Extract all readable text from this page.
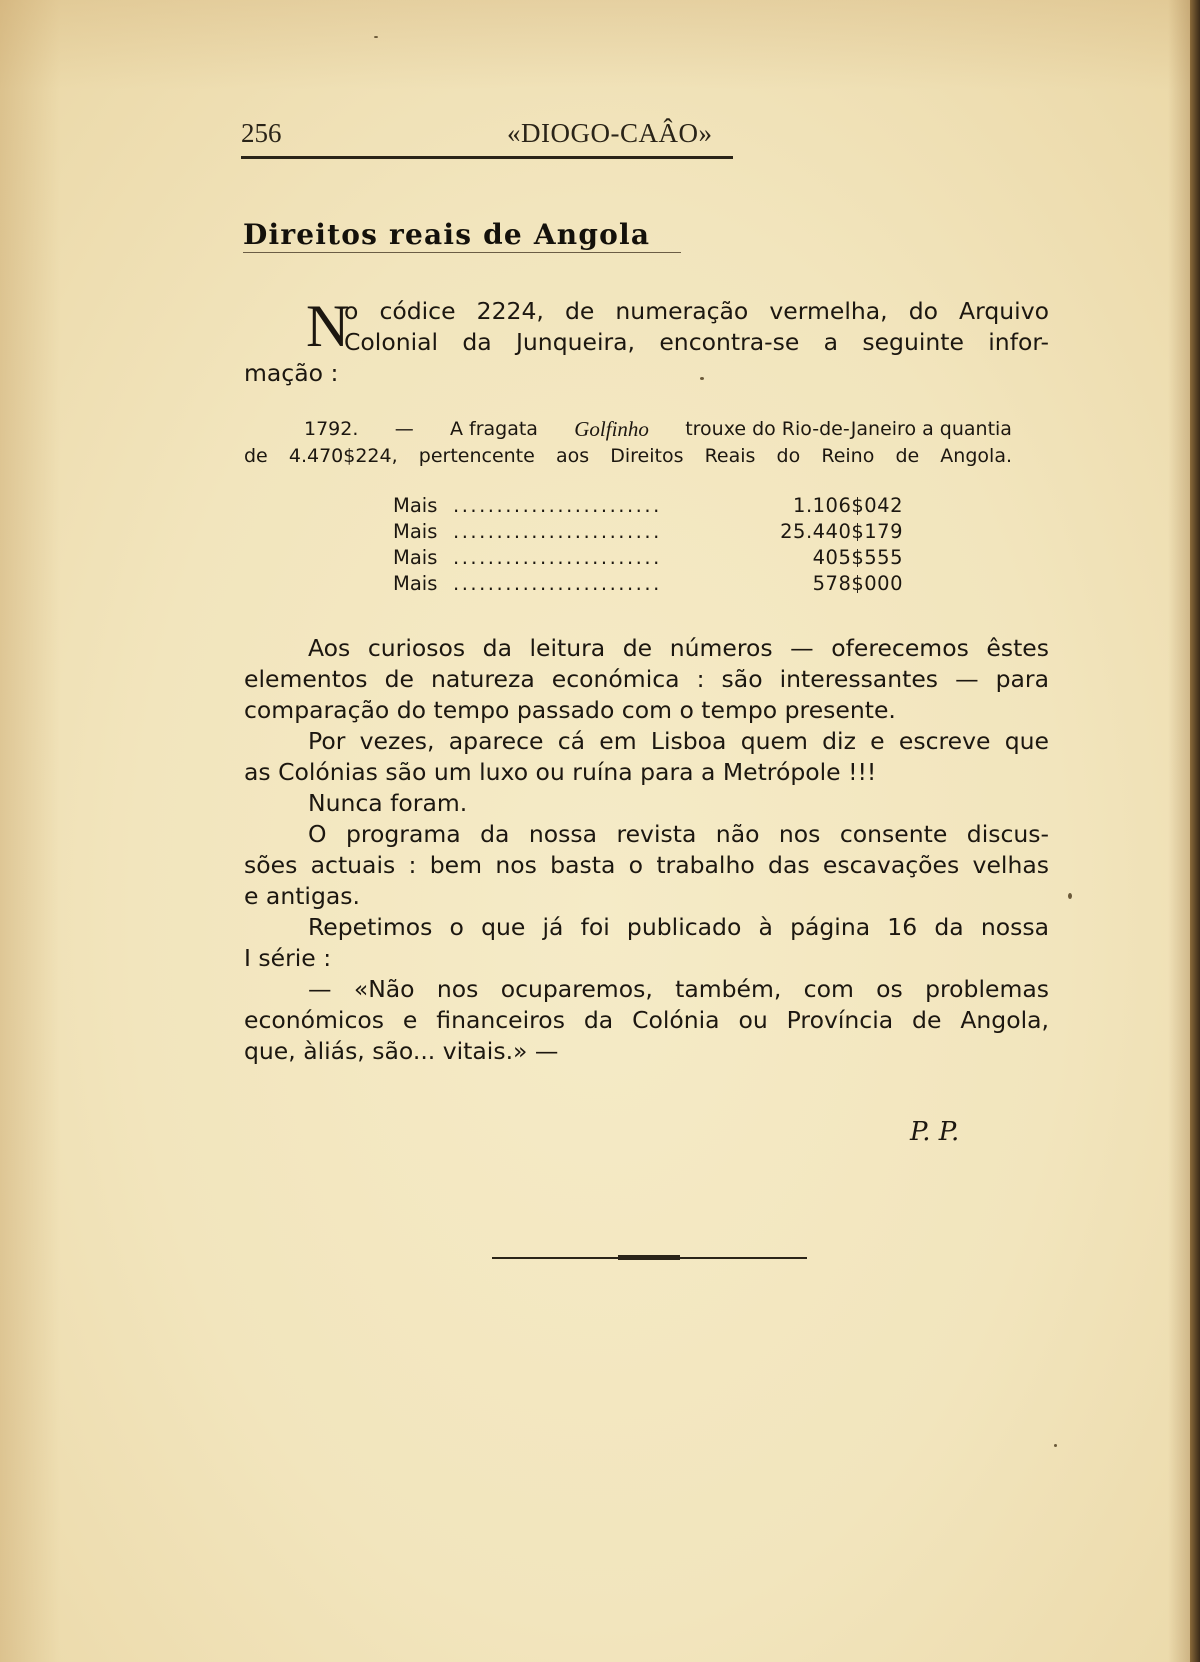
256	«DIOGO-CAÂO»
Direitos reais de Angola
N
o códice 2224, de numeração vermelha, do Arquivo
Colonial da Junqueira, encontra-se a seguinte infor-
mação :
1792. — A fragata Golfinho trouxe do Rio-de-Janeiro a quantia
de 4.470$224, pertencente aos Direitos Reais do Reino de Angola.
Mais ........................	1.106$042
Mais ........................	25.440$179
Mais ........................	405$555
Mais ........................	578$000
Aos curiosos da leitura de números — oferecemos êstes
elementos de natureza económica : são interessantes — para
comparação do tempo passado com o tempo presente.
Por vezes, aparece cá em Lisboa quem diz e escreve que
as Colónias são um luxo ou ruína para a Metrópole !!!
Nunca foram.
O programa da nossa revista não nos consente discus-
sões actuais : bem nos basta o trabalho das escavações velhas
e antigas.
Repetimos o que já foi publicado à página 16 da nossa
I série :
— «Não nos ocuparemos, também, com os problemas
económicos e financeiros da Colónia ou Província de Angola,
que, àliás, são... vitais.» —
P. P.
